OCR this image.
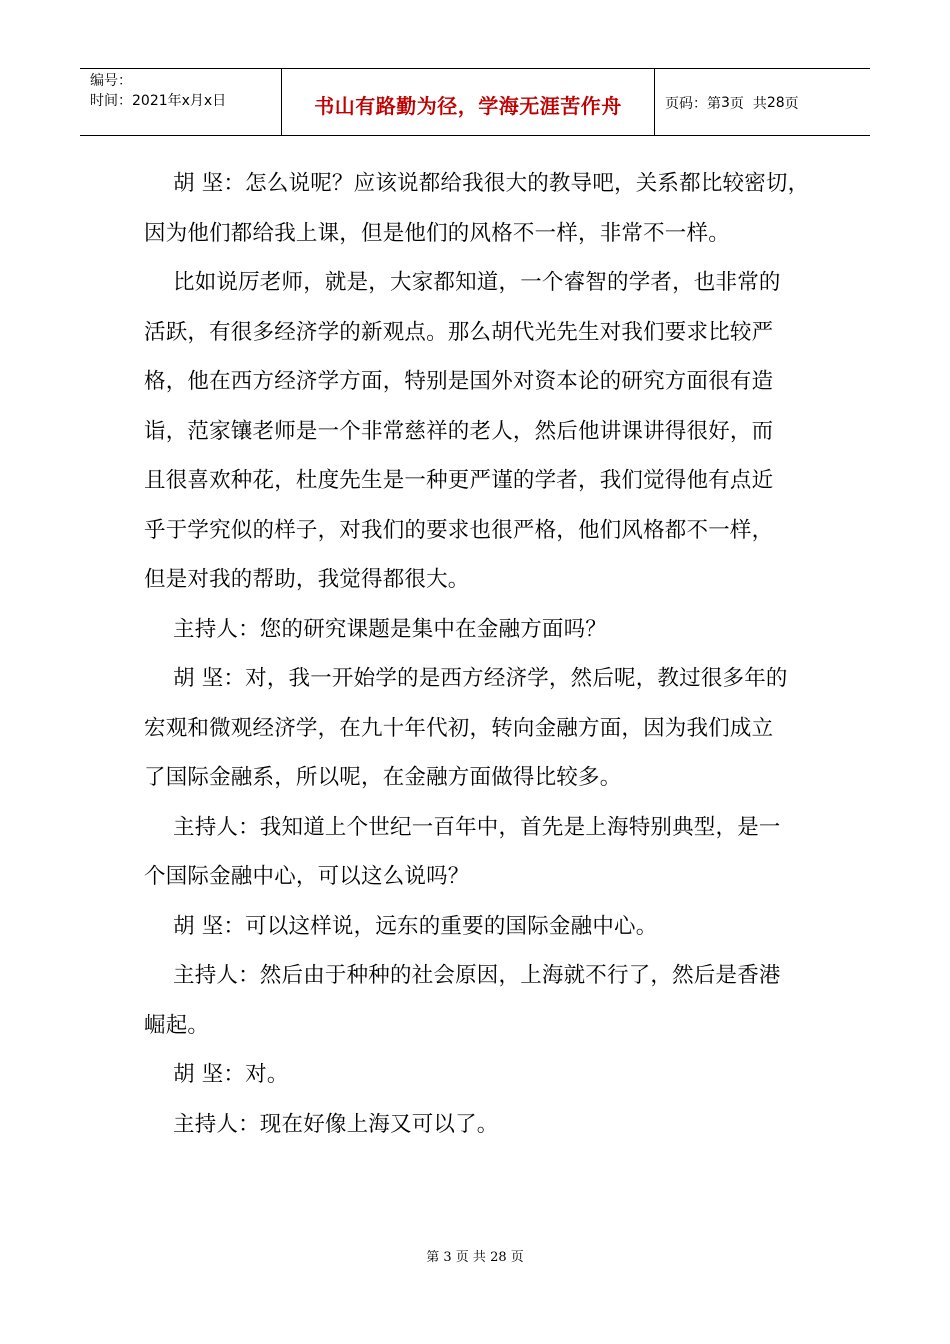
编号：
时间：2021年x月x日	书山有路勤为径，学海无涯苦作舟	页码：第 3 页  共 28 页

胡 坚：怎么说呢？应该说都给我很大的教导吧，关系都比较密切，

因为他们都给我上课，但是他们的风格不一样，非常不一样。

比如说厉老师，就是，大家都知道，一个睿智的学者，也非常的

活跃，有很多经济学的新观点。那么胡代光先生对我们要求比较严

格，他在西方经济学方面，特别是国外对资本论的研究方面很有造

诣，范家镶老师是一个非常慈祥的老人，然后他讲课讲得很好，而

且很喜欢种花，杜度先生是一种更严谨的学者，我们觉得他有点近

乎于学究似的样子，对我们的要求也很严格，他们风格都不一样，

但是对我的帮助，我觉得都很大。

主持人：您的研究课题是集中在金融方面吗？

胡 坚：对，我一开始学的是西方经济学，然后呢，教过很多年的

宏观和微观经济学，在九十年代初，转向金融方面，因为我们成立

了国际金融系，所以呢，在金融方面做得比较多。

主持人：我知道上个世纪一百年中，首先是上海特别典型，是一

个国际金融中心，可以这么说吗？

胡 坚：可以这样说，远东的重要的国际金融中心。

主持人：然后由于种种的社会原因，上海就不行了，然后是香港

崛起。

胡 坚：对。

主持人：现在好像上海又可以了。

第 3 页 共 28 页
